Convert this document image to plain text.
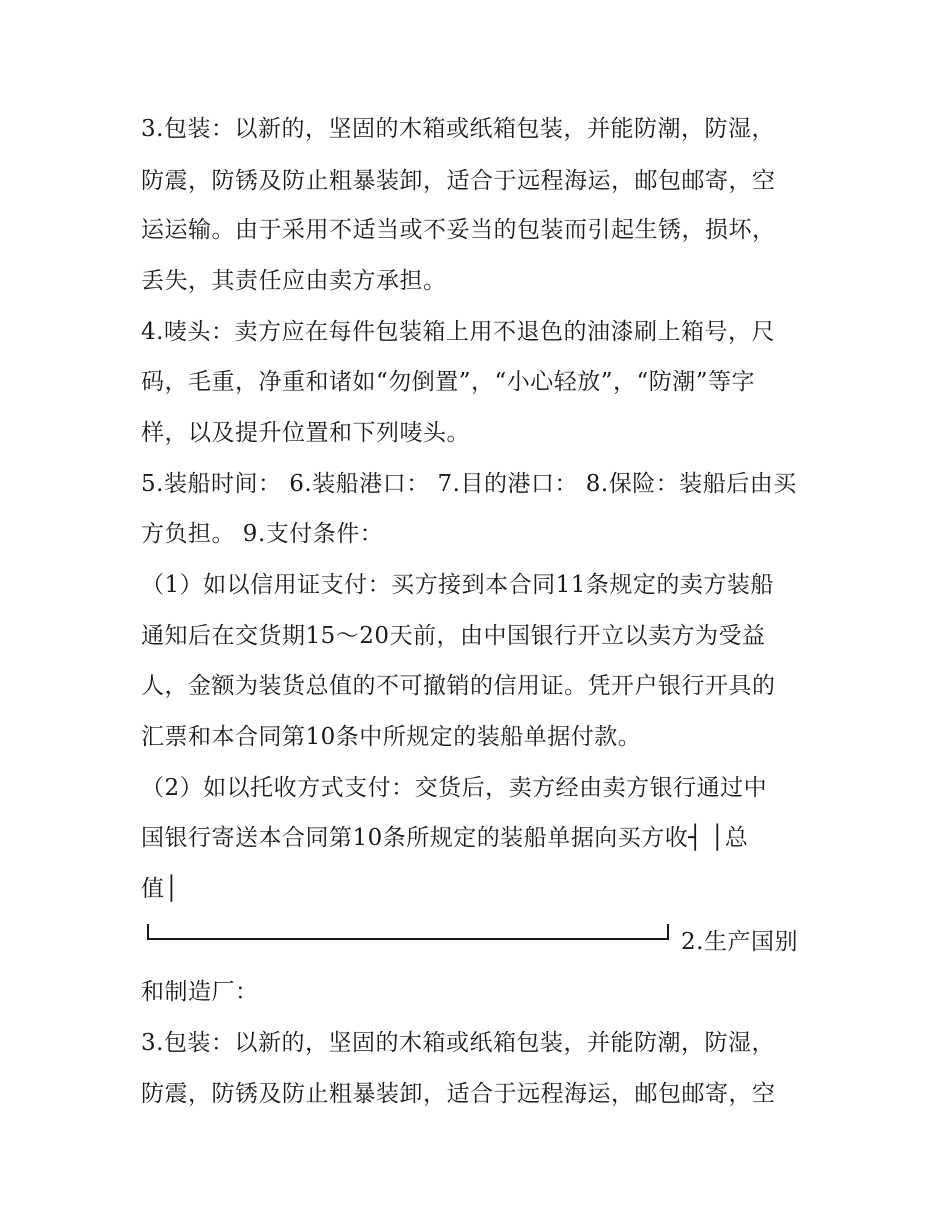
3.包装：以新的，坚固的木箱或纸箱包装，并能防潮，防湿，
防震，防锈及防止粗暴装卸，适合于远程海运，邮包邮寄，空
运运输。由于采用不适当或不妥当的包装而引起生锈，损坏，
丢失，其责任应由卖方承担。
4.唛头：卖方应在每件包装箱上用不退色的油漆刷上箱号，尺
码，毛重，净重和诸如“勿倒置”，“小心轻放”，“防潮”等字
样，以及提升位置和下列唛头。
5.装船时间： 6.装船港口： 7.目的港口： 8.保险：装船后由买
方负担。 9.支付条件：
（1）如以信用证支付：买方接到本合同11条规定的卖方装船
通知后在交货期15～20天前，由中国银行开立以卖方为受益
人，金额为装货总值的不可撤销的信用证。凭开户银行开具的
汇票和本合同第10条中所规定的装船单据付款。
（2）如以托收方式支付：交货后，卖方经由卖方银行通过中
国银行寄送本合同第10条所规定的装船单据向买方收┤ │总
值│
2.生产国别
和制造厂：
3.包装：以新的，坚固的木箱或纸箱包装，并能防潮，防湿，
防震，防锈及防止粗暴装卸，适合于远程海运，邮包邮寄，空
